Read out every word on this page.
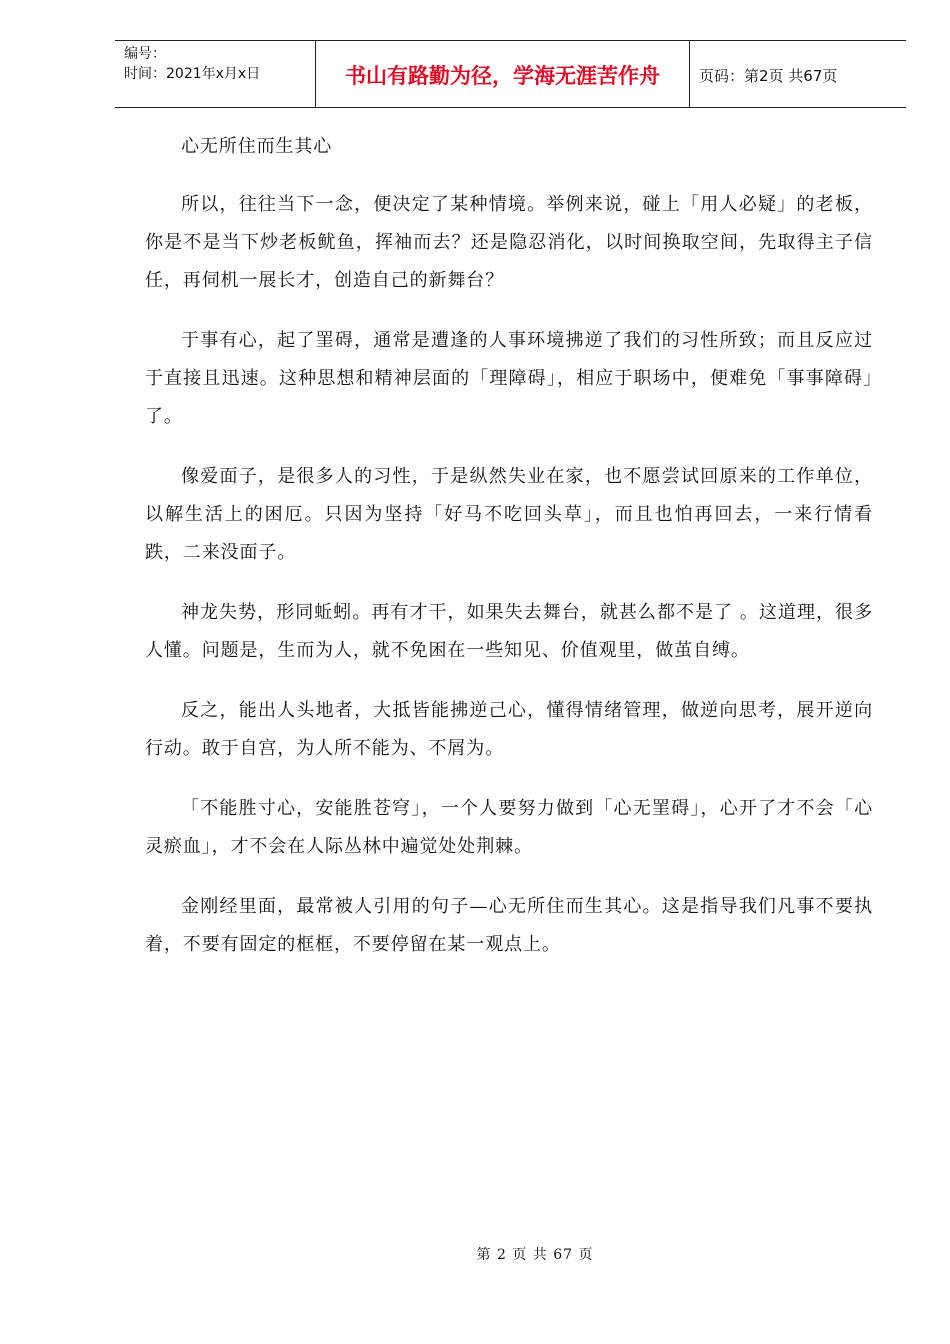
编号：
时间：2021年x月x日	书山有路勤为径，学海无涯苦作舟	页码：第2页 共67页

心无所住而生其心

所以，往往当下一念，便决定了某种情境。举例来说，碰上「用人必疑」的老板，你是不是当下炒老板鱿鱼，挥袖而去？还是隐忍消化，以时间换取空间，先取得主子信任，再伺机一展长才，创造自己的新舞台？

于事有心，起了罣碍，通常是遭逢的人事环境拂逆了我们的习性所致；而且反应过于直接且迅速。这种思想和精神层面的「理障碍」，相应于职场中，便难免「事事障碍」了。

像爱面子，是很多人的习性，于是纵然失业在家，也不愿尝试回原来的工作单位，以解生活上的困厄。只因为坚持「好马不吃回头草」，而且也怕再回去，一来行情看跌，二来没面子。

神龙失势，形同蚯蚓。再有才干，如果失去舞台，就甚么都不是了 。这道理，很多人懂。问题是，生而为人，就不免困在一些知见、价值观里，做茧自缚。

反之，能出人头地者，大抵皆能拂逆己心，懂得情绪管理，做逆向思考，展开逆向行动。敢于自宫，为人所不能为、不屑为。

「不能胜寸心，安能胜苍穹」，一个人要努力做到「心无罣碍」，心开了才不会「心灵瘀血」，才不会在人际丛林中遍觉处处荆棘。

金刚经里面，最常被人引用的句子—心无所住而生其心。这是指导我们凡事不要执着，不要有固定的框框，不要停留在某一观点上。

第 2 页 共 67 页
